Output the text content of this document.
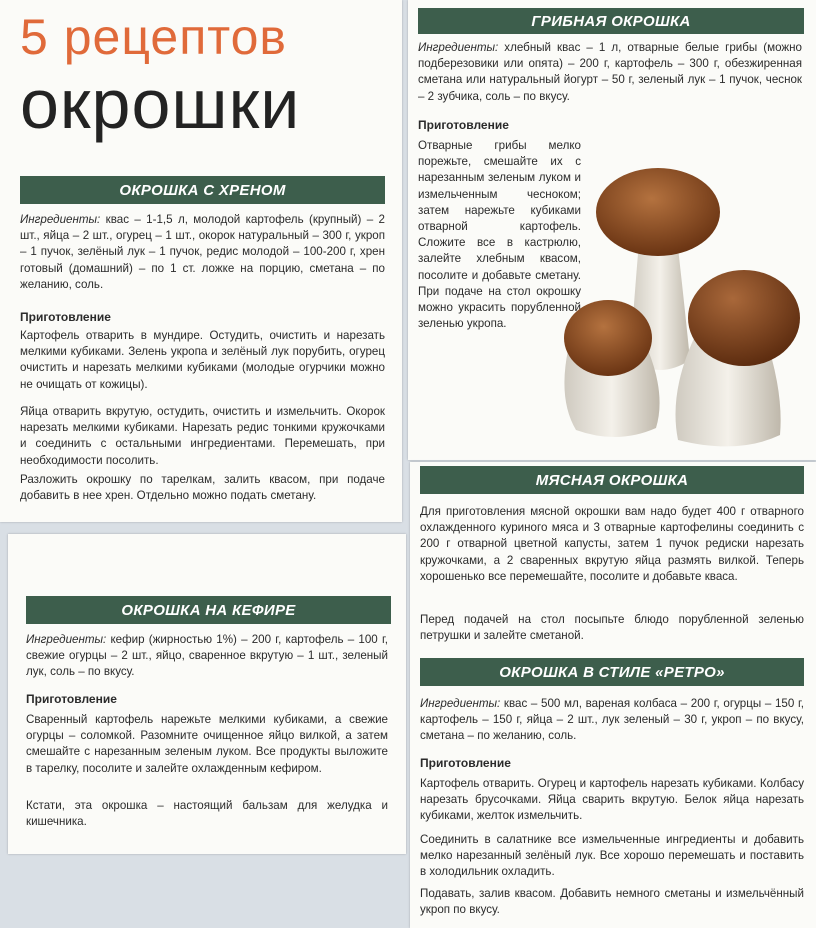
5 рецептов
окрошки
ОКРОШКА С ХРЕНОМ

Ингредиенты: квас – 1-1,5 л, молодой картофель (крупный) – 2 шт., яйца – 2 шт., огурец – 1 шт., окорок натуральный – 300 г, укроп – 1 пучок, зелёный лук – 1 пучок, редис молодой – 100-200 г, хрен готовый (домашний) – по 1 ст. ложке на порцию, сметана – по желанию, соль.

Приготовление

Картофель отварить в мундире. Остудить, очистить и нарезать мелкими кубиками. Зелень укропа и зелёный лук порубить, огурец очистить и нарезать мелкими кубиками (молодые огурчики можно не очищать от кожицы).

Яйца отварить вкрутую, остудить, очистить и измельчить. Окорок нарезать мелкими кубиками. Нарезать редис тонкими кружочками и соединить с остальными ингредиентами. Перемешать, при необходимости посолить.

Разложить окрошку по тарелкам, залить квасом, при подаче добавить в нее хрен. Отдельно можно подать сметану.

ОКРОШКА НА КЕФИРЕ

Ингредиенты: кефир (жирностью 1%) – 200 г, картофель – 100 г, свежие огурцы – 2 шт., яйцо, сваренное вкрутую – 1 шт., зеленый лук, соль – по вкусу.

Приготовление

Сваренный картофель нарежьте мелкими кубиками, а свежие огурцы – соломкой. Разомните очищенное яйцо вилкой, а затем смешайте с нарезанным зеленым луком. Все продукты выложите в тарелку, посолите и залейте охлажденным кефиром.

Кстати, эта окрошка – настоящий бальзам для желудка и кишечника.

ГРИБНАЯ ОКРОШКА

Ингредиенты: хлебный квас – 1 л, отварные белые грибы (можно подберезовики или опята) – 200 г, картофель – 300 г, обезжиренная сметана или натуральный йогурт – 50 г, зеленый лук – 1 пучок, чеснок – 2 зубчика, соль – по вкусу.

Приготовление

Отварные грибы мелко порежьте, смешайте их с нарезанным зеленым луком и измельченным чесноком; затем нарежьте кубиками отварной картофель. Сложите все в кастрюлю, залейте хлебным квасом, посолите и добавьте сметану. При подаче на стол окрошку можно украсить порубленной зеленью укропа.

МЯСНАЯ ОКРОШКА

Для приготовления мясной окрошки вам надо будет 400 г отварного охлажденного куриного мяса и 3 отварные картофелины соединить с 200 г отварной цветной капусты, затем 1 пучок редиски нарезать кружочками, а 2 сваренных вкрутую яйца размять вилкой. Теперь хорошенько все перемешайте, посолите и добавьте кваса.

Перед подачей на стол посыпьте блюдо порубленной зеленью петрушки и залейте сметаной.

ОКРОШКА В СТИЛЕ «РЕТРО»

Ингредиенты: квас – 500 мл, вареная колбаса – 200 г, огурцы – 150 г, картофель – 150 г, яйца – 2 шт., лук зеленый – 30 г, укроп – по вкусу, сметана – по желанию, соль.

Приготовление

Картофель отварить. Огурец и картофель нарезать кубиками. Колбасу нарезать брусочками. Яйца сварить вкрутую. Белок яйца нарезать кубиками, желток измельчить.

Соединить в салатнике все измельченные ингредиенты и добавить мелко нарезанный зелёный лук. Все хорошо перемешать и поставить в холодильник охладить.

Подавать, залив квасом. Добавить немного сметаны и измельчённый укроп по вкусу.
